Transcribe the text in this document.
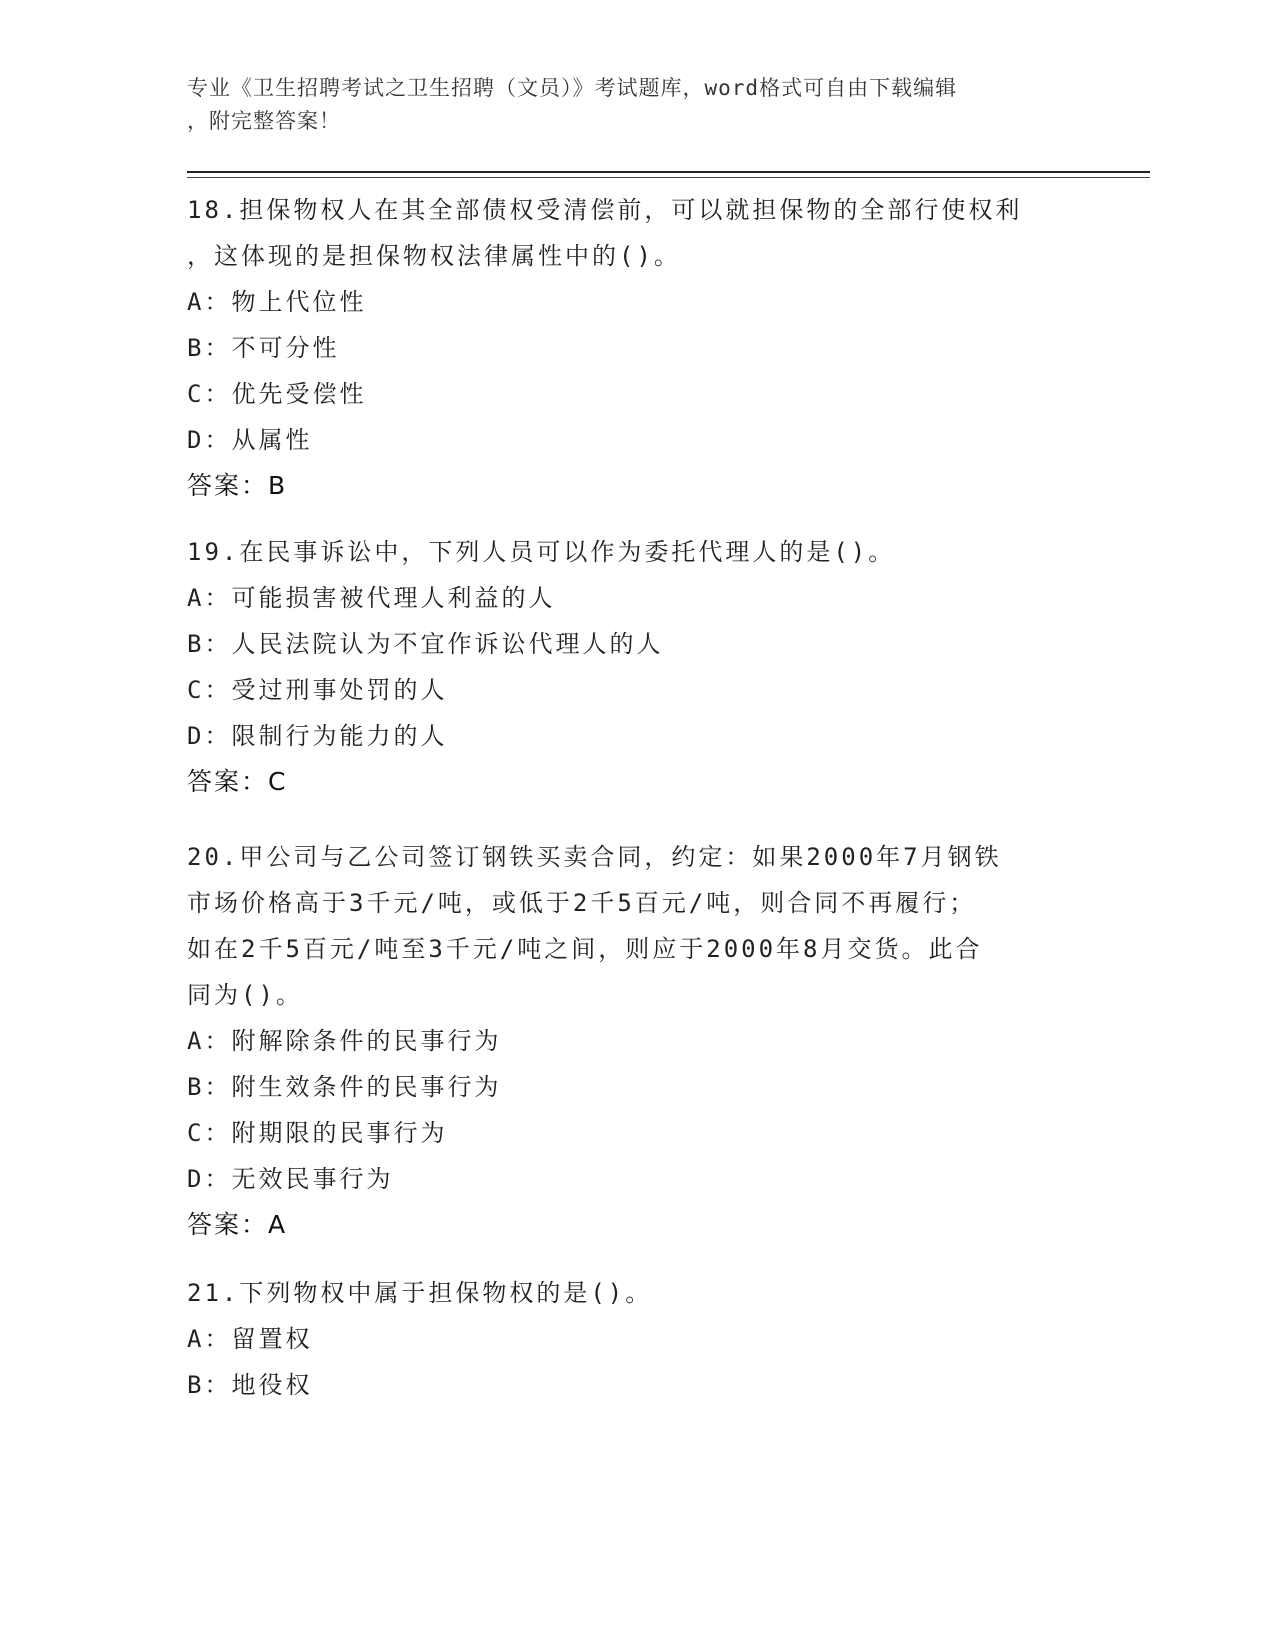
专业《卫生招聘考试之卫生招聘（文员）》考试题库，word格式可自由下载编辑
，附完整答案！
18.担保物权人在其全部债权受清偿前，可以就担保物的全部行使权利
，这体现的是担保物权法律属性中的()。
A：物上代位性
B：不可分性
C：优先受偿性
D：从属性
答案：B
19.在民事诉讼中，下列人员可以作为委托代理人的是()。
A：可能损害被代理人利益的人
B：人民法院认为不宜作诉讼代理人的人
C：受过刑事处罚的人
D：限制行为能力的人
答案：C
20.甲公司与乙公司签订钢铁买卖合同，约定：如果2000年7月钢铁
市场价格高于3千元/吨，或低于2千5百元/吨，则合同不再履行；
如在2千5百元/吨至3千元/吨之间，则应于2000年8月交货。此合
同为()。
A：附解除条件的民事行为
B：附生效条件的民事行为
C：附期限的民事行为
D：无效民事行为
答案：A
21.下列物权中属于担保物权的是()。
A：留置权
B：地役权
